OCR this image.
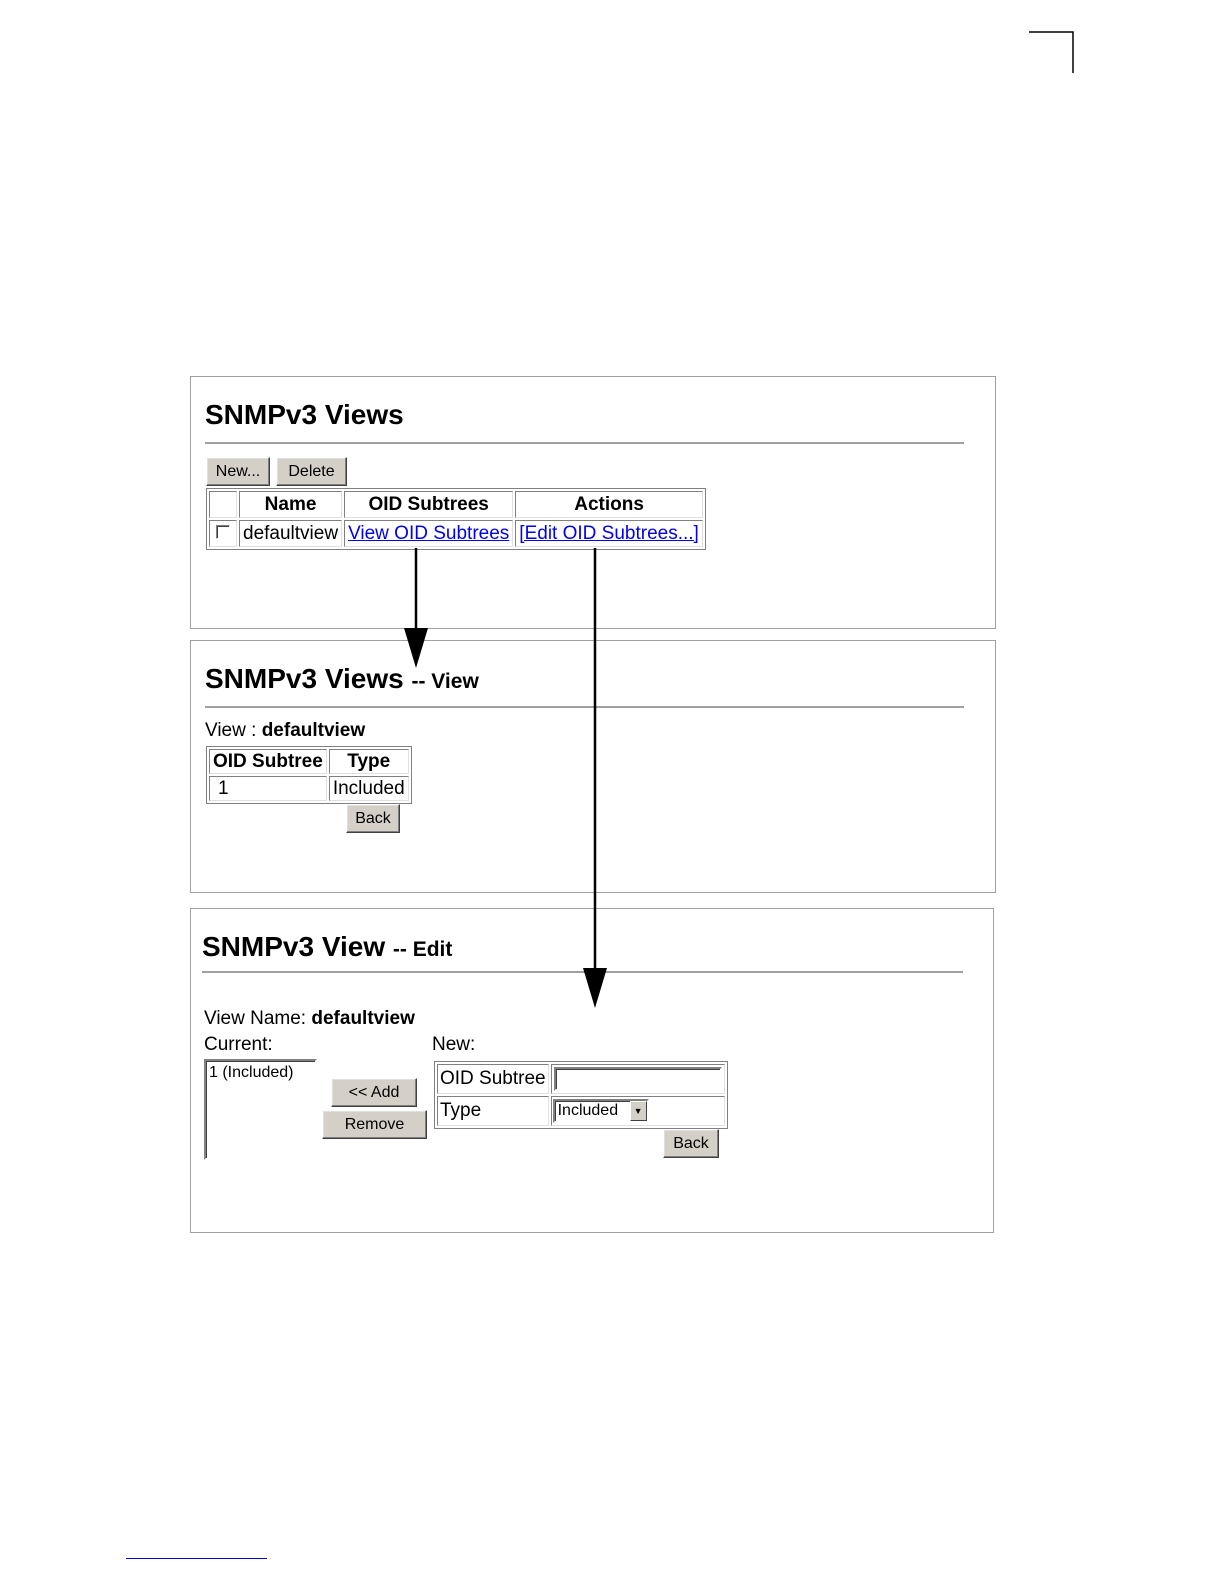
SNMPv3 Views
New...	Delete
	Name	OID Subtrees	Actions
	defaultview	View OID Subtrees	[Edit OID Subtrees...]
SNMPv3 Views -- View
View : defaultview
OID Subtree	Type
1	Included
Back
SNMPv3 View -- Edit
View Name: defaultview
Current:	New:
1 (Included)
<< Add
Remove
OID Subtree	

Type	Included ▼
Back
